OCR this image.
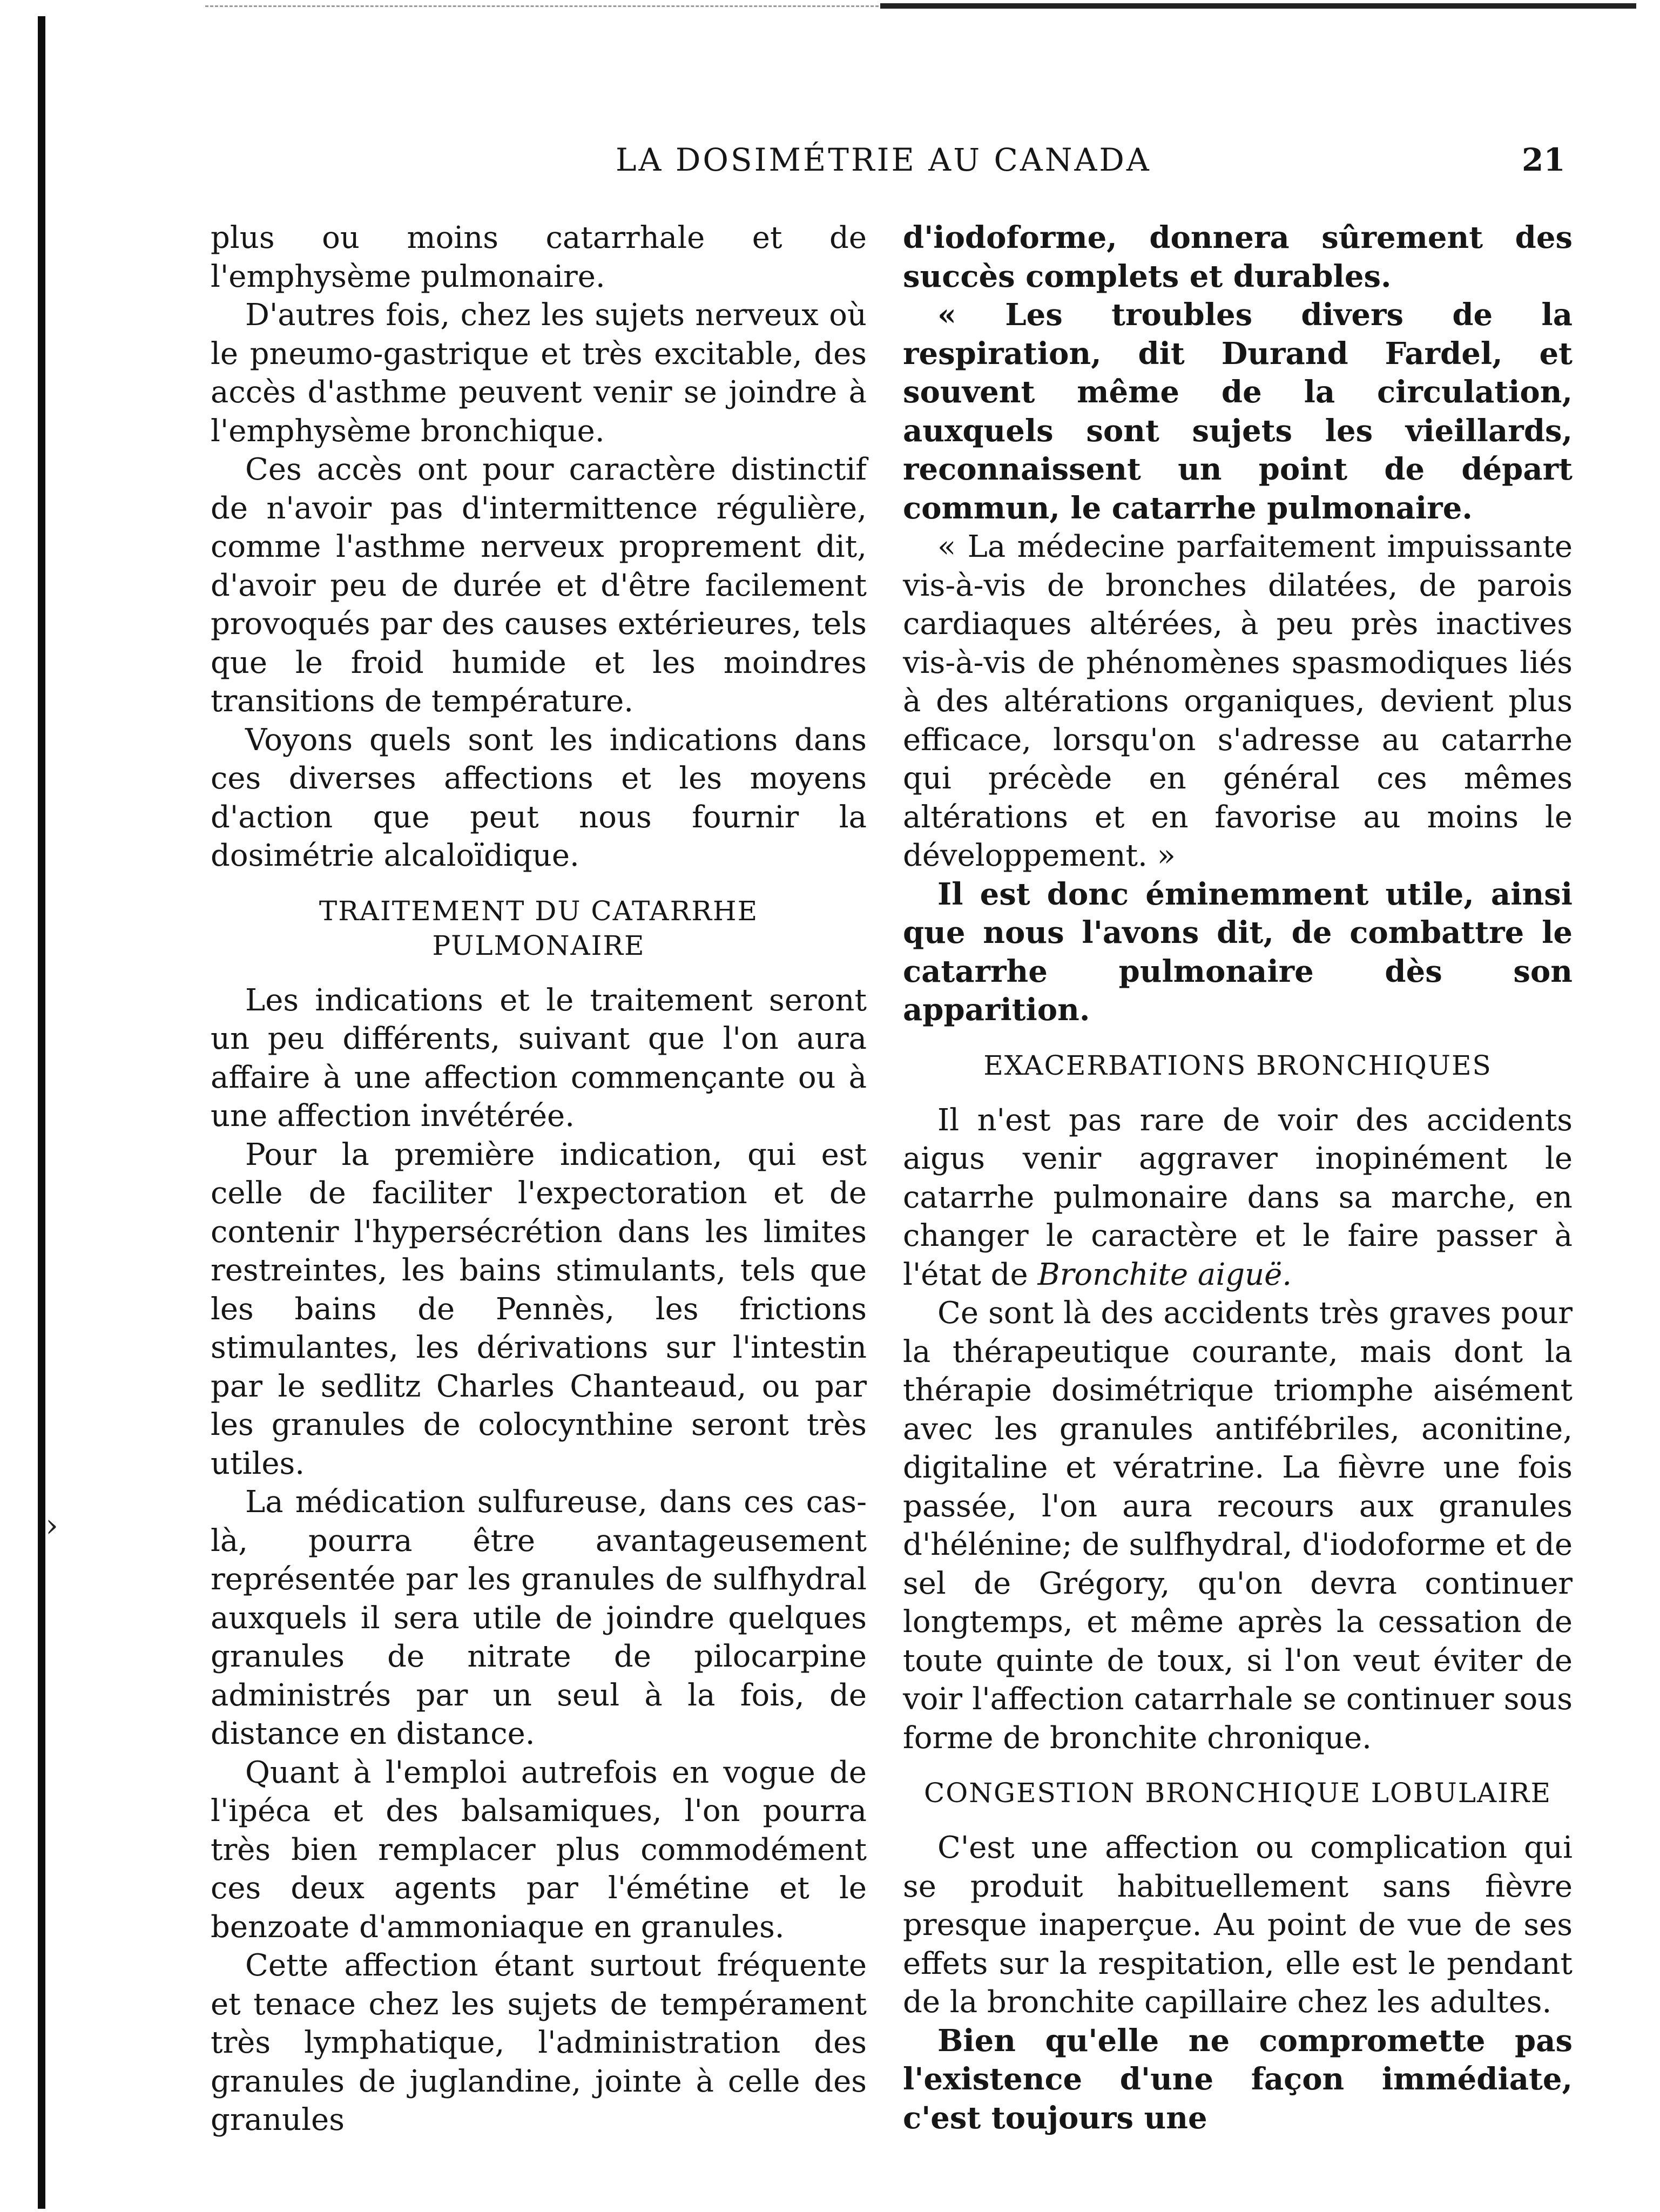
›
LA DOSIMÉTRIE AU CANADA	21

plus ou moins catarrhale et de l'emphysème pulmonaire.

D'autres fois, chez les sujets nerveux où le pneumo-gastrique et très excitable, des accès d'asthme peuvent venir se joindre à l'emphysème bronchique.

Ces accès ont pour caractère distinctif de n'avoir pas d'intermittence régulière, comme l'asthme nerveux proprement dit, d'avoir peu de durée et d'être facilement provoqués par des causes extérieures, tels que le froid humide et les moindres transitions de température.

Voyons quels sont les indications dans ces diverses affections et les moyens d'action que peut nous fournir la dosimétrie alcaloïdique.

TRAITEMENT DU CATARRHE PULMONAIRE

Les indications et le traitement seront un peu différents, suivant que l'on aura affaire à une affection commençante ou à une affection invétérée.

Pour la première indication, qui est celle de faciliter l'expectoration et de contenir l'hypersécrétion dans les limites restreintes, les bains stimulants, tels que les bains de Pennès, les frictions stimulantes, les dérivations sur l'intestin par le sedlitz Charles Chanteaud, ou par les granules de colocynthine seront très utiles.

La médication sulfureuse, dans ces cas-là, pourra être avantageusement représentée par les granules de sulfhydral auxquels il sera utile de joindre quelques granules de nitrate de pilocarpine administrés par un seul à la fois, de distance en distance.

Quant à l'emploi autrefois en vogue de l'ipéca et des balsamiques, l'on pourra très bien remplacer plus commodément ces deux agents par l'émétine et le benzoate d'ammoniaque en granules.

Cette affection étant surtout fréquente et tenace chez les sujets de tempérament très lymphatique, l'administration des granules de juglandine, jointe à celle des granules

d'iodoforme, donnera sûrement des succès complets et durables.

« Les troubles divers de la respiration, dit Durand Fardel, et souvent même de la circulation, auxquels sont sujets les vieillards, reconnaissent un point de départ commun, le catarrhe pulmonaire.

« La médecine parfaitement impuissante vis-à-vis de bronches dilatées, de parois cardiaques altérées, à peu près inactives vis-à-vis de phénomènes spasmodiques liés à des altérations organiques, devient plus efficace, lorsqu'on s'adresse au catarrhe qui précède en général ces mêmes altérations et en favorise au moins le développement. »

Il est donc éminemment utile, ainsi que nous l'avons dit, de combattre le catarrhe pulmonaire dès son apparition.

EXACERBATIONS BRONCHIQUES

Il n'est pas rare de voir des accidents aigus venir aggraver inopinément le catarrhe pulmonaire dans sa marche, en changer le caractère et le faire passer à l'état de Bronchite aiguë.

Ce sont là des accidents très graves pour la thérapeutique courante, mais dont la thérapie dosimétrique triomphe aisément avec les granules antifébriles, aconitine, digitaline et vératrine. La fièvre une fois passée, l'on aura recours aux granules d'hélénine; de sulfhydral, d'iodoforme et de sel de Grégory, qu'on devra continuer longtemps, et même après la cessation de toute quinte de toux, si l'on veut éviter de voir l'affection catarrhale se continuer sous forme de bronchite chronique.

CONGESTION BRONCHIQUE LOBULAIRE

C'est une affection ou complication qui se produit habituellement sans fièvre presque inaperçue. Au point de vue de ses effets sur la respitation, elle est le pendant de la bronchite capillaire chez les adultes.

Bien qu'elle ne compromette pas l'existence d'une façon immédiate, c'est toujours une
